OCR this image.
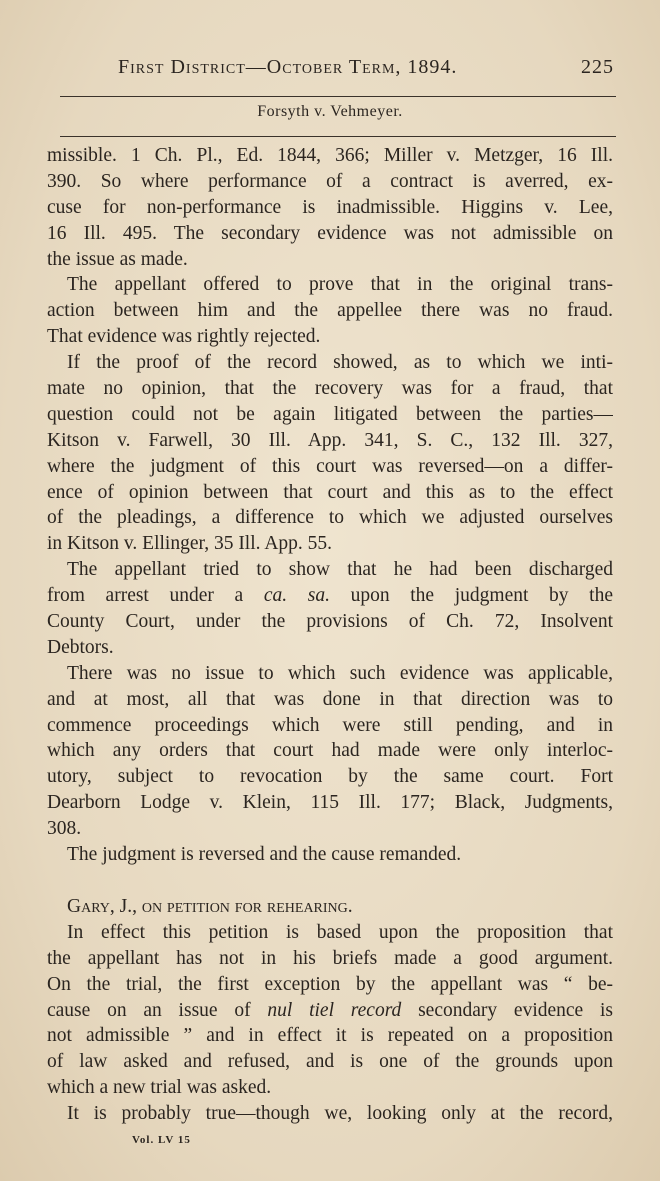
First District—October Term, 1894.	225
Forsyth v. Vehmeyer.
missible. 1 Ch. Pl., Ed. 1844, 366; Miller v. Metzger, 16 Ill.
390. So where performance of a contract is averred, ex-
cuse for non-performance is inadmissible. Higgins v. Lee,
16 Ill. 495. The secondary evidence was not admissible on
the issue as made.
The appellant offered to prove that in the original trans-
action between him and the appellee there was no fraud.
That evidence was rightly rejected.
If the proof of the record showed, as to which we inti-
mate no opinion, that the recovery was for a fraud, that
question could not be again litigated between the parties—
Kitson v. Farwell, 30 Ill. App. 341, S. C., 132 Ill. 327,
where the judgment of this court was reversed—on a differ-
ence of opinion between that court and this as to the effect
of the pleadings, a difference to which we adjusted ourselves
in Kitson v. Ellinger, 35 Ill. App. 55.
The appellant tried to show that he had been discharged
from arrest under a ca. sa. upon the judgment by the
County Court, under the provisions of Ch. 72, Insolvent
Debtors.
There was no issue to which such evidence was applicable,
and at most, all that was done in that direction was to
commence proceedings which were still pending, and in
which any orders that court had made were only interloc-
utory, subject to revocation by the same court. Fort
Dearborn Lodge v. Klein, 115 Ill. 177; Black, Judgments,
308.
The judgment is reversed and the cause remanded.
Gary, J., on petition for rehearing.
In effect this petition is based upon the proposition that
the appellant has not in his briefs made a good argument.
On the trial, the first exception by the appellant was “ be-
cause on an issue of nul tiel record secondary evidence is
not admissible ” and in effect it is repeated on a proposition
of law asked and refused, and is one of the grounds upon
which a new trial was asked.
It is probably true—though we, looking only at the record,
Vol. LV 15
